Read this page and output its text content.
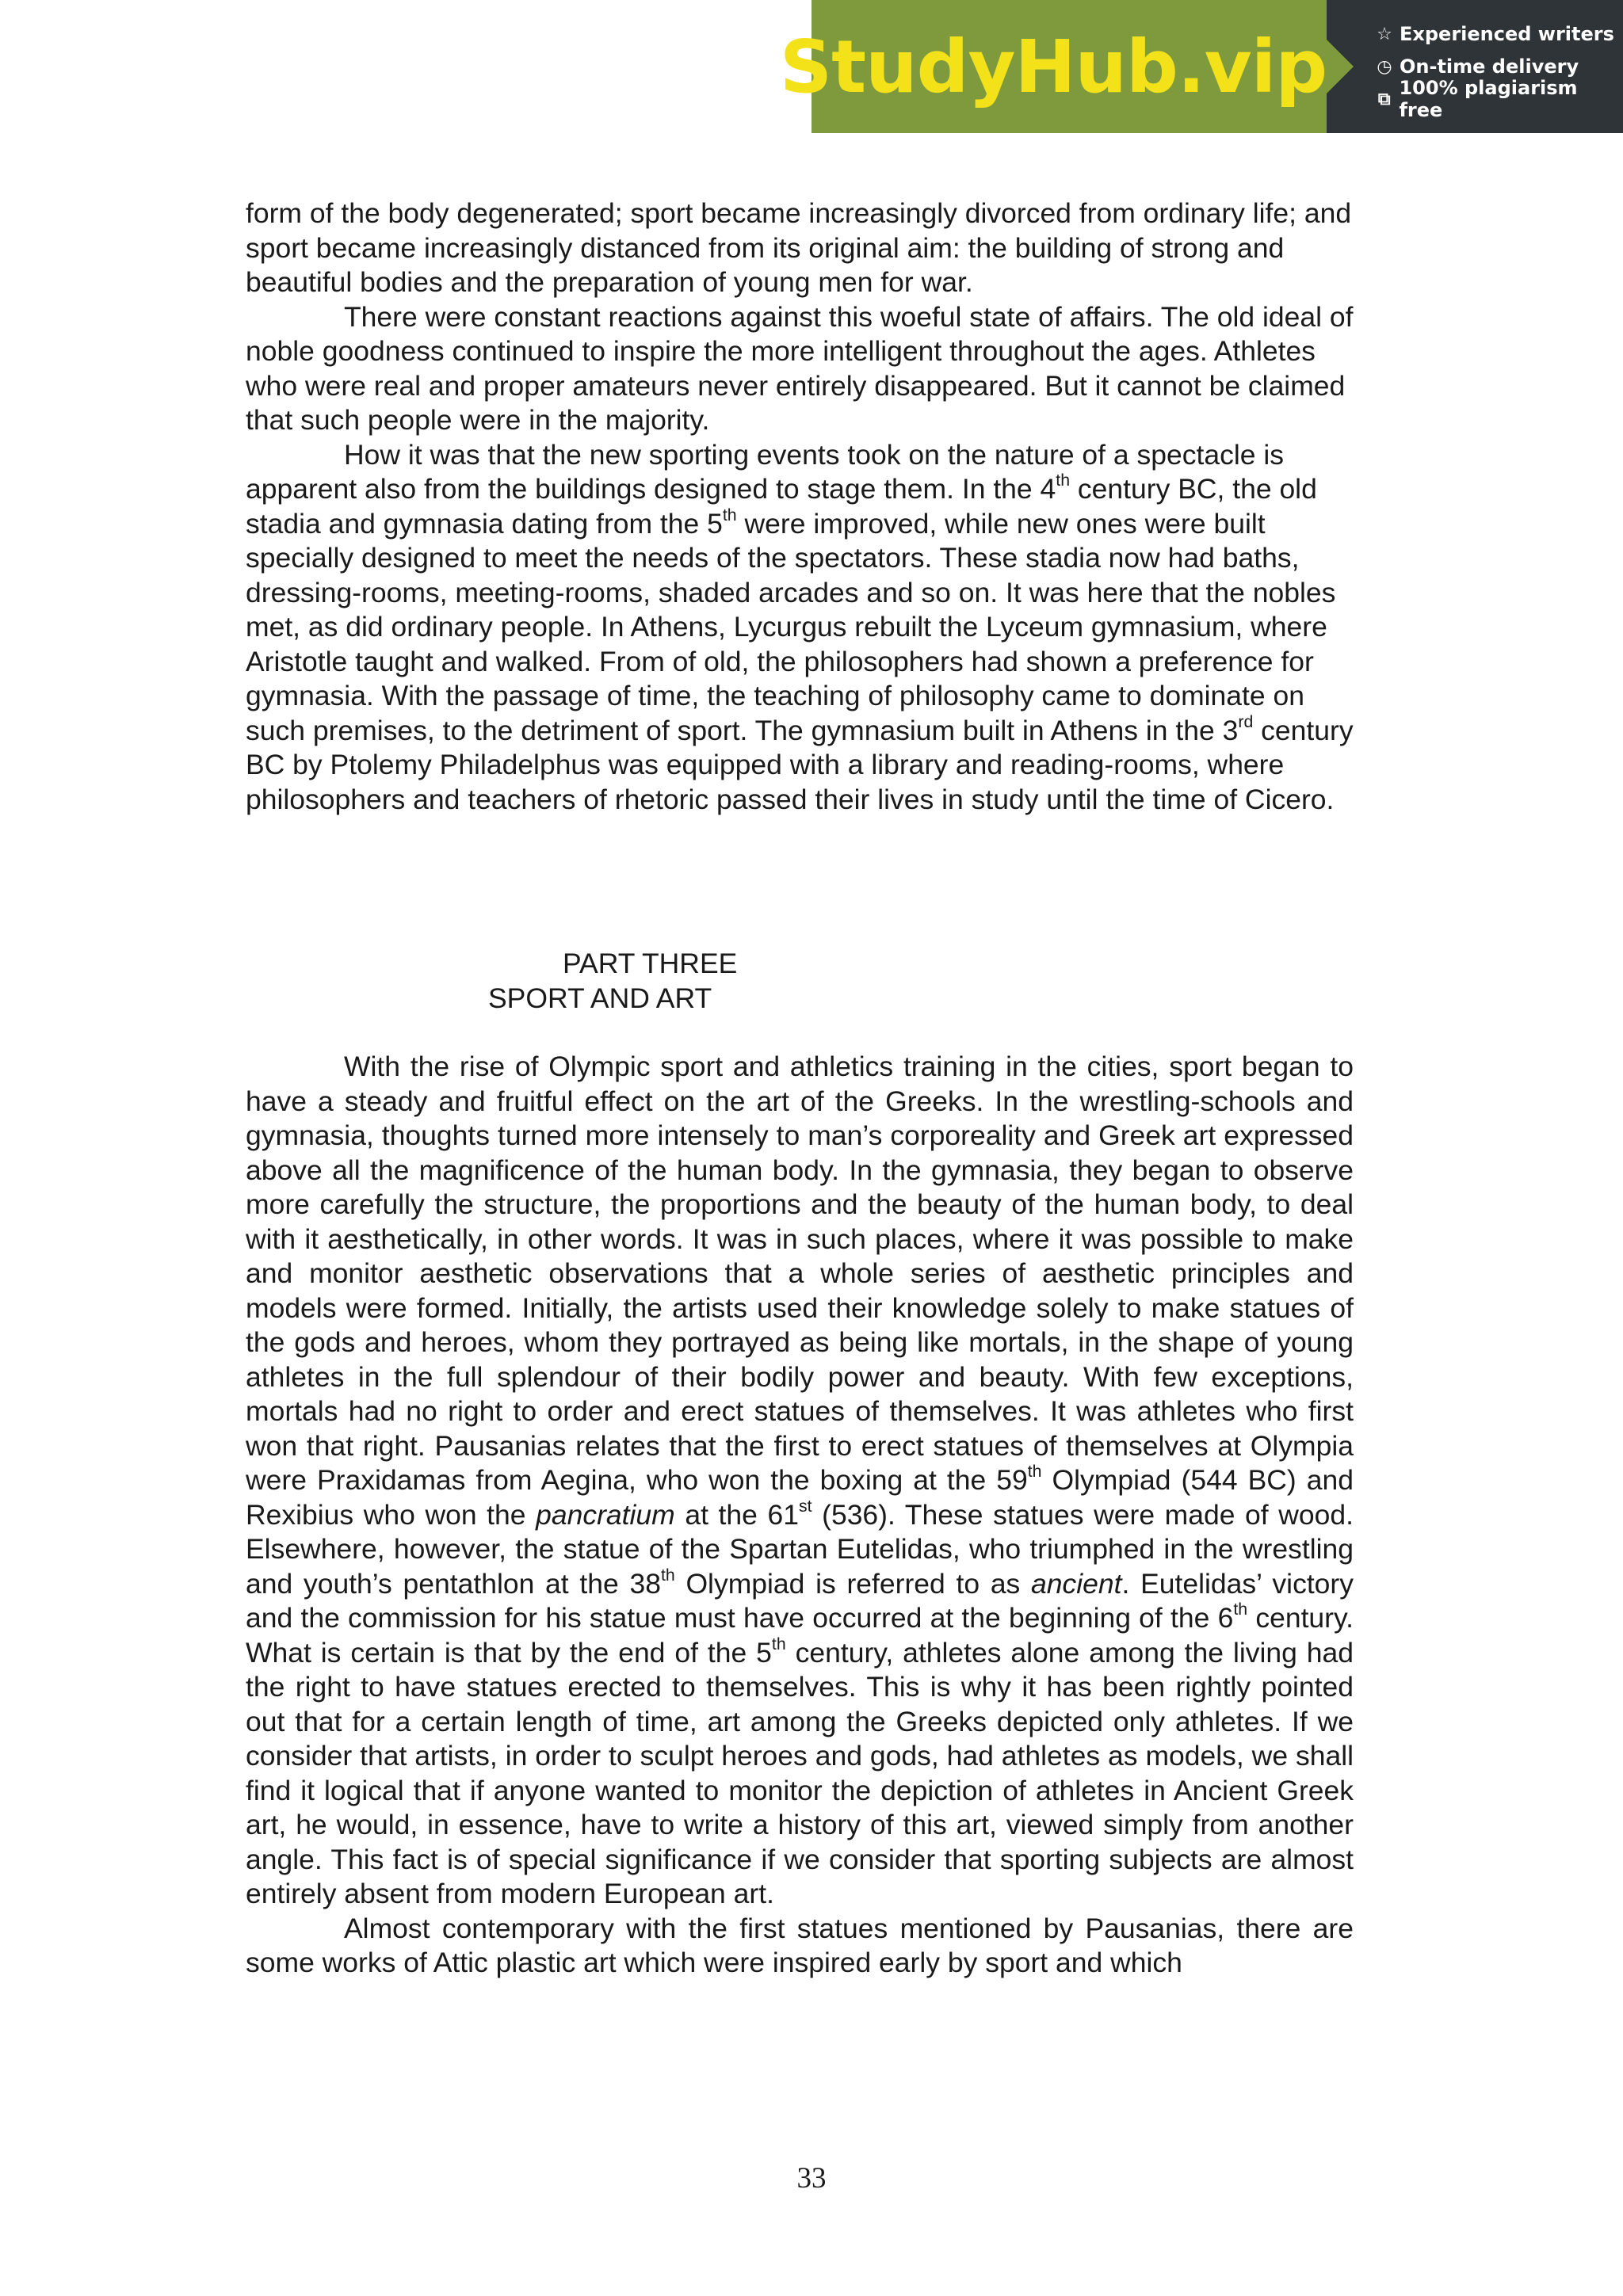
StudyHub.vip	☆ Experienced writers
◷ On-time delivery
⧉ 100% plagiarism free

form of the body degenerated; sport became increasingly divorced from ordinary life; and sport became increasingly distanced from its original aim: the building of strong and beautiful bodies and the preparation of young men for war.

There were constant reactions against this woeful state of affairs. The old ideal of noble goodness continued to inspire the more intelligent throughout the ages. Athletes who were real and proper amateurs never entirely disappeared. But it cannot be claimed that such people were in the majority.

How it was that the new sporting events took on the nature of a spectacle is apparent also from the buildings designed to stage them. In the 4th century BC, the old stadia and gymnasia dating from the 5th were improved, while new ones were built specially designed to meet the needs of the spectators. These stadia now had baths, dressing-rooms, meeting-rooms, shaded arcades and so on. It was here that the nobles met, as did ordinary people. In Athens, Lycurgus rebuilt the Lyceum gymnasium, where Aristotle taught and walked. From of old, the philosophers had shown a preference for gymnasia. With the passage of time, the teaching of philosophy came to dominate on such premises, to the detriment of sport. The gymnasium built in Athens in the 3rd century BC by Ptolemy Philadelphus was equipped with a library and reading-rooms, where philosophers and teachers of rhetoric passed their lives in study until the time of Cicero.

PART THREE

SPORT AND ART

With the rise of Olympic sport and athletics training in the cities, sport began to have a steady and fruitful effect on the art of the Greeks. In the wrestling-schools and gymnasia, thoughts turned more intensely to man’s corporeality and Greek art expressed above all the magnificence of the human body. In the gymnasia, they began to observe more carefully the structure, the proportions and the beauty of the human body, to deal with it aesthetically, in other words. It was in such places, where it was possible to make and monitor aesthetic observations that a whole series of aesthetic principles and models were formed. Initially, the artists used their knowledge solely to make statues of the gods and heroes, whom they portrayed as being like mortals, in the shape of young athletes in the full splendour of their bodily power and beauty. With few exceptions, mortals had no right to order and erect statues of themselves. It was athletes who first won that right. Pausanias relates that the first to erect statues of themselves at Olympia were Praxidamas from Aegina, who won the boxing at the 59th Olympiad (544 BC) and Rexibius who won the pancratium at the 61st (536). These statues were made of wood. Elsewhere, however, the statue of the Spartan Eutelidas, who triumphed in the wrestling and youth’s pentathlon at the 38th Olympiad is referred to as ancient. Eutelidas’ victory and the commission for his statue must have occurred at the beginning of the 6th century. What is certain is that by the end of the 5th century, athletes alone among the living had the right to have statues erected to themselves. This is why it has been rightly pointed out that for a certain length of time, art among the Greeks depicted only athletes. If we consider that artists, in order to sculpt heroes and gods, had athletes as models, we shall find it logical that if anyone wanted to monitor the depiction of athletes in Ancient Greek art, he would, in essence, have to write a history of this art, viewed simply from another angle. This fact is of special significance if we consider that sporting subjects are almost entirely absent from modern European art.

Almost contemporary with the first statues mentioned by Pausanias, there are some works of Attic plastic art which were inspired early by sport and which

33
